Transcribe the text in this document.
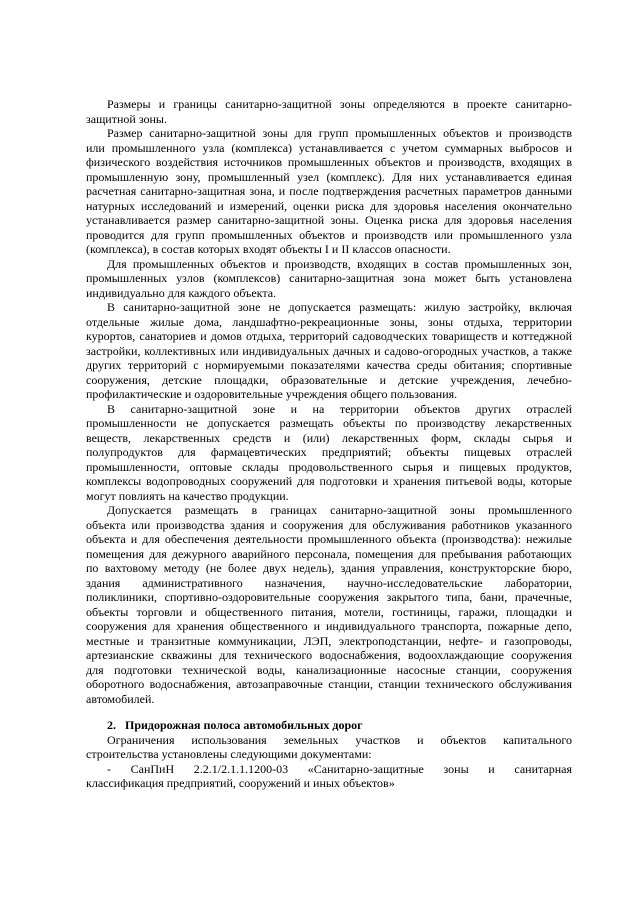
Размеры и границы санитарно-защитной зоны определяются в проекте санитарно-
защитной зоны.
Размер санитарно-защитной зоны для групп промышленных объектов и производств
или промышленного узла (комплекса) устанавливается с учетом суммарных выбросов и
физического воздействия источников промышленных объектов и производств, входящих в
промышленную зону, промышленный узел (комплекс). Для них устанавливается единая
расчетная санитарно-защитная зона, и после подтверждения расчетных параметров данными
натурных исследований и измерений, оценки риска для здоровья населения окончательно
устанавливается размер санитарно-защитной зоны. Оценка риска для здоровья населения
проводится для групп промышленных объектов и производств или промышленного узла
(комплекса), в состав которых входят объекты I и II классов опасности.
Для промышленных объектов и производств, входящих в состав промышленных зон,
промышленных узлов (комплексов) санитарно-защитная зона может быть установлена
индивидуально для каждого объекта.
В санитарно-защитной зоне не допускается размещать: жилую застройку, включая
отдельные жилые дома, ландшафтно-рекреационные зоны, зоны отдыха, территории
курортов, санаториев и домов отдыха, территорий садоводческих товариществ и коттеджной
застройки, коллективных или индивидуальных дачных и садово-огородных участков, а также
других территорий с нормируемыми показателями качества среды обитания; спортивные
сооружения, детские площадки, образовательные и детские учреждения, лечебно-
профилактические и оздоровительные учреждения общего пользования.
В санитарно-защитной зоне и на территории объектов других отраслей
промышленности не допускается размещать объекты по производству лекарственных
веществ, лекарственных средств и (или) лекарственных форм, склады сырья и
полупродуктов для фармацевтических предприятий; объекты пищевых отраслей
промышленности, оптовые склады продовольственного сырья и пищевых продуктов,
комплексы водопроводных сооружений для подготовки и хранения питьевой воды, которые
могут повлиять на качество продукции.
Допускается размещать в границах санитарно-защитной зоны промышленного
объекта или производства здания и сооружения для обслуживания работников указанного
объекта и для обеспечения деятельности промышленного объекта (производства): нежилые
помещения для дежурного аварийного персонала, помещения для пребывания работающих
по вахтовому методу (не более двух недель), здания управления, конструкторские бюро,
здания административного назначения, научно-исследовательские лаборатории,
поликлиники, спортивно-оздоровительные сооружения закрытого типа, бани, прачечные,
объекты торговли и общественного питания, мотели, гостиницы, гаражи, площадки и
сооружения для хранения общественного и индивидуального транспорта, пожарные депо,
местные и транзитные коммуникации, ЛЭП, электроподстанции, нефте- и газопроводы,
артезианские скважины для технического водоснабжения, водоохлаждающие сооружения
для подготовки технической воды, канализационные насосные станции, сооружения
оборотного водоснабжения, автозаправочные станции, станции технического обслуживания
автомобилей.
2. Придорожная полоса автомобильных дорог
Ограничения использования земельных участков и объектов капитального
строительства установлены следующими документами:
- СанПиН 2.2.1/2.1.1.1200-03 «Санитарно-защитные зоны и санитарная
классификация предприятий, сооружений и иных объектов»
